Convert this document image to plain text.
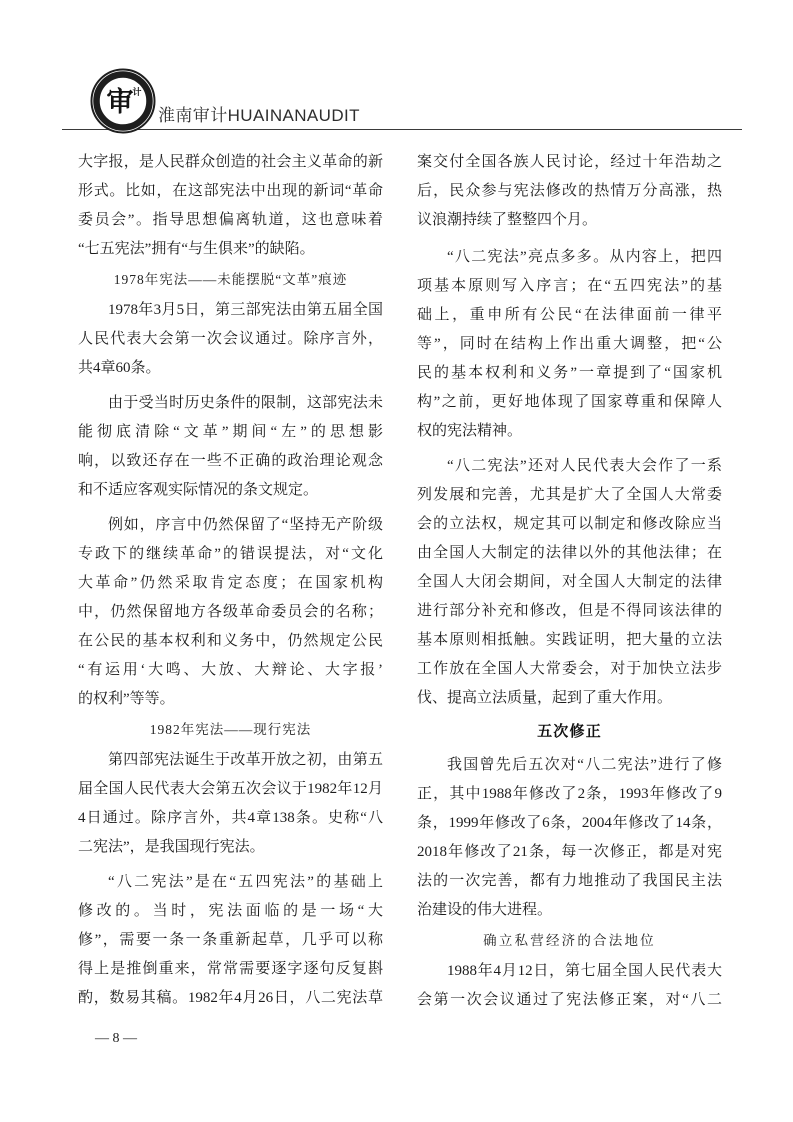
审
计
淮南审计HUAINANAUDIT
大字报，是人民群众创造的社会主义革命的新
形式。比如，在这部宪法中出现的新词“革命
委员会”。指导思想偏离轨道，这也意味着
“七五宪法”拥有“与生俱来”的缺陷。
1978年宪法——未能摆脱“文革”痕迹
1978年3月5日，第三部宪法由第五届全国
人民代表大会第一次会议通过。除序言外，
共4章60条。
由于受当时历史条件的限制，这部宪法未
能彻底清除“文革”期间“左”的思想影
响，以致还存在一些不正确的政治理论观念
和不适应客观实际情况的条文规定。
例如，序言中仍然保留了“坚持无产阶级
专政下的继续革命”的错误提法，对“文化
大革命”仍然采取肯定态度；在国家机构
中，仍然保留地方各级革命委员会的名称；
在公民的基本权利和义务中，仍然规定公民
“有运用‘大鸣、大放、大辩论、大字报’
的权利”等等。
1982年宪法——现行宪法
第四部宪法诞生于改革开放之初，由第五
届全国人民代表大会第五次会议于1982年12月
4日通过。除序言外，共4章138条。史称“八
二宪法”，是我国现行宪法。
“八二宪法”是在“五四宪法”的基础上
修改的。当时，宪法面临的是一场“大
修”，需要一条一条重新起草，几乎可以称
得上是推倒重来，常常需要逐字逐句反复斟
酌，数易其稿。1982年4月26日，八二宪法草
案交付全国各族人民讨论，经过十年浩劫之
后，民众参与宪法修改的热情万分高涨，热
议浪潮持续了整整四个月。
“八二宪法”亮点多多。从内容上，把四
项基本原则写入序言；在“五四宪法”的基
础上，重申所有公民“在法律面前一律平
等”，同时在结构上作出重大调整，把“公
民的基本权利和义务”一章提到了“国家机
构”之前，更好地体现了国家尊重和保障人
权的宪法精神。
“八二宪法”还对人民代表大会作了一系
列发展和完善，尤其是扩大了全国人大常委
会的立法权，规定其可以制定和修改除应当
由全国人大制定的法律以外的其他法律；在
全国人大闭会期间，对全国人大制定的法律
进行部分补充和修改，但是不得同该法律的
基本原则相抵触。实践证明，把大量的立法
工作放在全国人大常委会，对于加快立法步
伐、提高立法质量，起到了重大作用。
五次修正
我国曾先后五次对“八二宪法”进行了修
正，其中1988年修改了2条，1993年修改了9
条，1999年修改了6条，2004年修改了14条，
2018年修改了21条，每一次修正，都是对宪
法的一次完善，都有力地推动了我国民主法
治建设的伟大进程。
确立私营经济的合法地位
1988年4月12日，第七届全国人民代表大
会第一次会议通过了宪法修正案，对“八二
— 8 —
